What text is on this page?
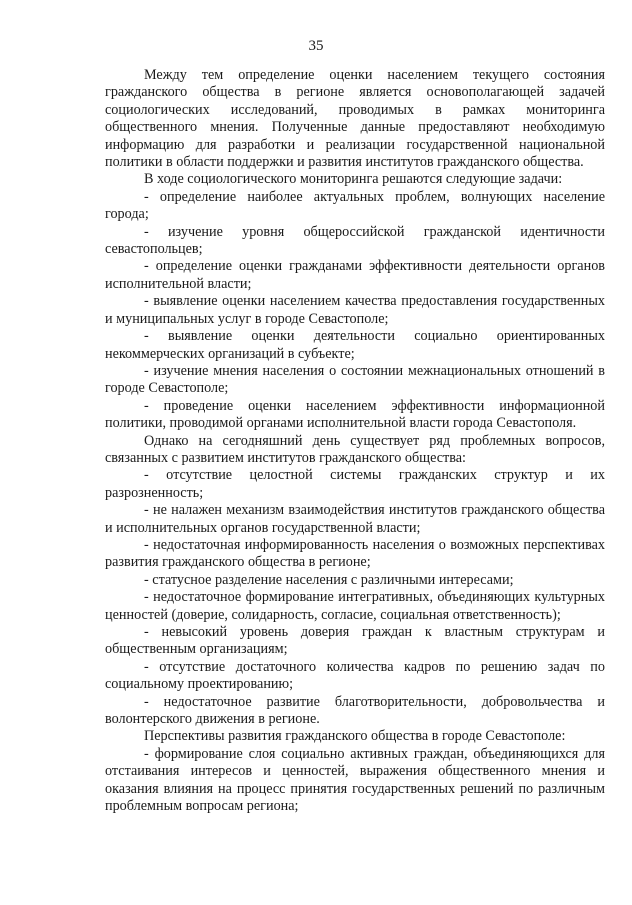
35

Между тем определение оценки населением текущего состояния гражданского общества в регионе является основополагающей задачей социологических исследований, проводимых в рамках мониторинга общественного мнения. Полученные данные предоставляют необходимую информацию для разработки и реализации государственной национальной политики в области поддержки и развития институтов гражданского общества.

В ходе социологического мониторинга решаются следующие задачи:

- определение наиболее актуальных проблем, волнующих население города;

- изучение уровня общероссийской гражданской идентичности севастопольцев;

- определение оценки гражданами эффективности деятельности органов исполнительной власти;

- выявление оценки населением качества предоставления государственных и муниципальных услуг в городе Севастополе;

- выявление оценки деятельности социально ориентированных некоммерческих организаций в субъекте;

- изучение мнения населения о состоянии межнациональных отношений в городе Севастополе;

- проведение оценки населением эффективности информационной политики, проводимой органами исполнительной власти города Севастополя.

Однако на сегодняшний день существует ряд проблемных вопросов, связанных с развитием институтов гражданского общества:

- отсутствие целостной системы гражданских структур и их разрозненность;

- не налажен механизм взаимодействия институтов гражданского общества и исполнительных органов государственной власти;

- недостаточная информированность населения о возможных перспективах развития гражданского общества в регионе;

- статусное разделение населения с различными интересами;

- недостаточное формирование интегративных, объединяющих культурных ценностей (доверие, солидарность, согласие, социальная ответственность);

- невысокий уровень доверия граждан к властным структурам и общественным организациям;

- отсутствие достаточного количества кадров по решению задач по социальному проектированию;

- недостаточное развитие благотворительности, добровольчества и волонтерского движения в регионе.

Перспективы развития гражданского общества в городе Севастополе:

- формирование слоя социально активных граждан, объединяющихся для отстаивания интересов и ценностей, выражения общественного мнения и оказания влияния на процесс принятия государственных решений по различным проблемным вопросам региона;
